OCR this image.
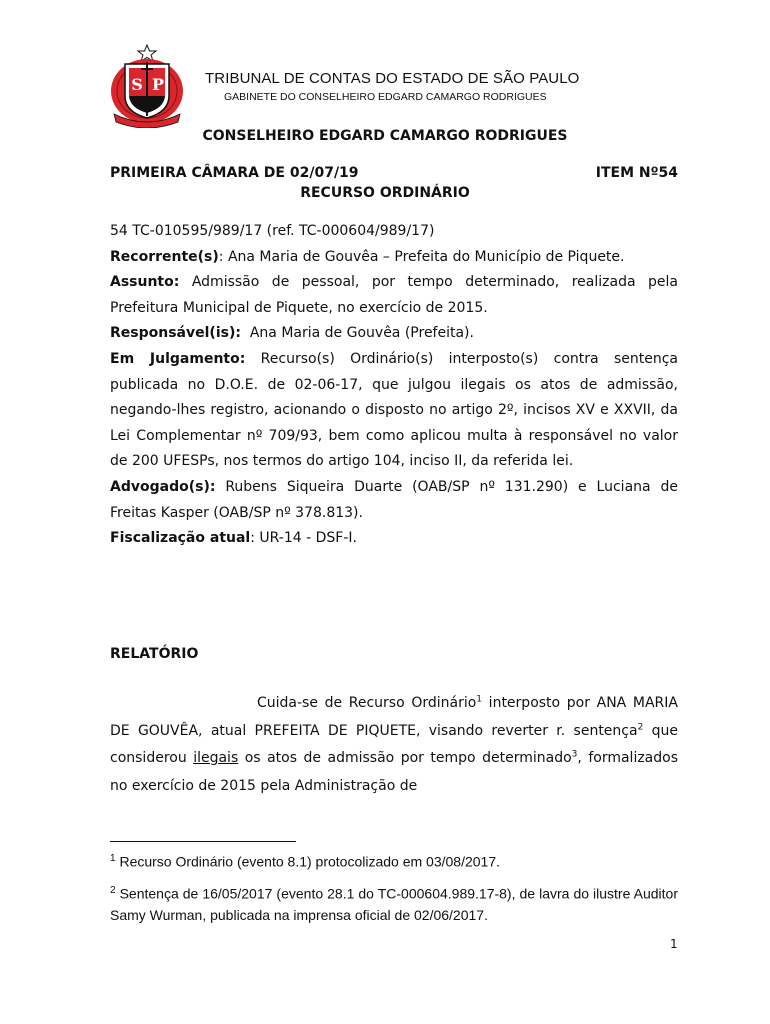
S P	TRIBUNAL DE CONTAS DO ESTADO DE SÃO PAULO
GABINETE DO CONSELHEIRO EDGARD CAMARGO RODRIGUES
CONSELHEIRO EDGARD CAMARGO RODRIGUES
PRIMEIRA CÂMARA DE 02/07/19	ITEM Nº54
RECURSO ORDINÁRIO

54 TC-010595/989/17 (ref. TC-000604/989/17)

Recorrente(s): Ana Maria de Gouvêa – Prefeita do Município de Piquete.

Assunto: Admissão de pessoal, por tempo determinado, realizada pela Prefeitura Municipal de Piquete, no exercício de 2015.

Responsável(is):  Ana Maria de Gouvêa (Prefeita).

Em Julgamento: Recurso(s) Ordinário(s) interposto(s) contra sentença publicada no D.O.E. de 02-06-17, que julgou ilegais os atos de admissão, negando-lhes registro, acionando o disposto no artigo 2º, incisos XV e XXVII, da Lei Complementar nº 709/93, bem como aplicou multa à responsável no valor de 200 UFESPs, nos termos do artigo 104, inciso II, da referida lei.

Advogado(s): Rubens Siqueira Duarte (OAB/SP nº 131.290) e Luciana de Freitas Kasper (OAB/SP nº 378.813).

Fiscalização atual: UR-14 - DSF-I.

RELATÓRIO

Cuida-se de Recurso Ordinário$^1$ interposto por ANA MARIA DE GOUVÊA, atual PREFEITA DE PIQUETE, visando reverter r. sentença$^2$ que considerou ilegais os atos de admissão por tempo determinado$^3$, formalizados no exercício de 2015 pela Administração de

$^1$ Recurso Ordinário (evento 8.1) protocolizado em 03/08/2017.
$^2$ Sentença de 16/05/2017 (evento 28.1 do TC-000604.989.17-8), de lavra do ilustre Auditor Samy Wurman, publicada na imprensa oficial de 02/06/2017.
1
